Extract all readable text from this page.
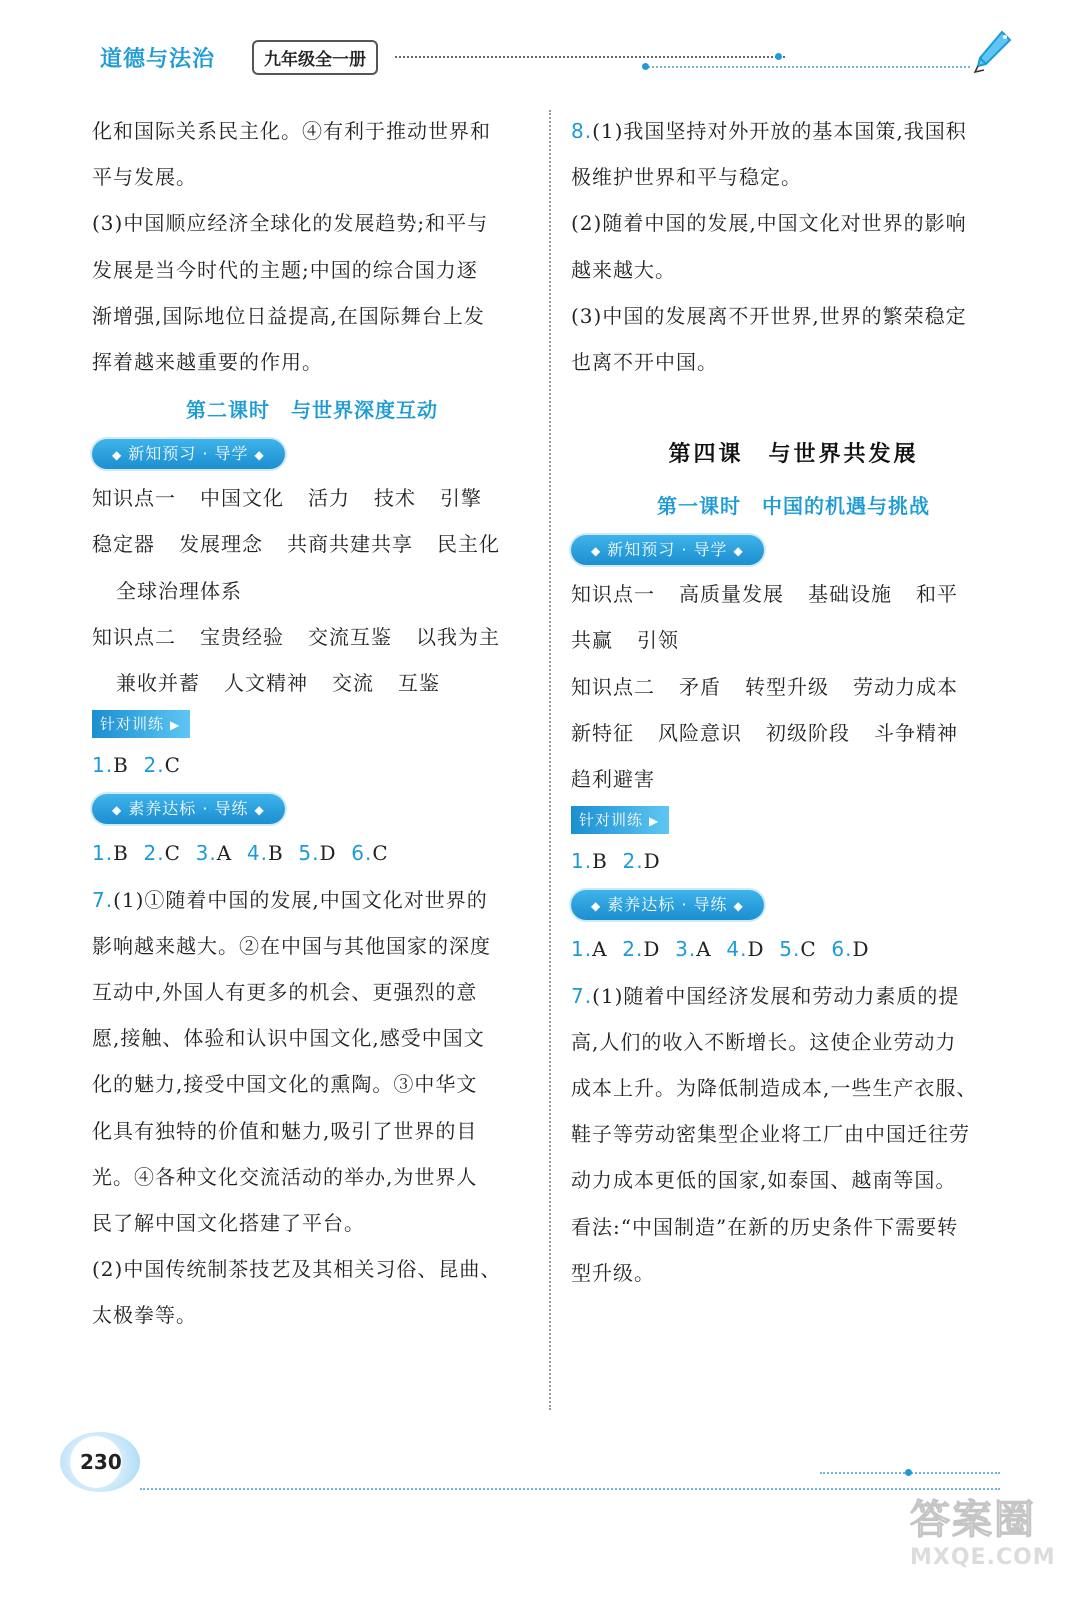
道德与法治	九年级全一册
化和国际关系民主化。④有利于推动世界和
平与发展。
(3)中国顺应经济全球化的发展趋势;和平与
发展是当今时代的主题;中国的综合国力逐
渐增强,国际地位日益提高,在国际舞台上发
挥着越来越重要的作用。
第二课时　与世界深度互动
◆ 新知预习 · 导学 ◆
知识点一 中国文化 活力 技术 引擎
稳定器 发展理念 共商共建共享 民主化
全球治理体系
知识点二 宝贵经验 交流互鉴 以我为主
兼收并蓄 人文精神 交流 互鉴
针对训练 ▶
1.B 2.C
◆ 素养达标 · 导练 ◆
1.B 2.C 3.A 4.B 5.D 6.C
7.(1)①随着中国的发展,中国文化对世界的
影响越来越大。②在中国与其他国家的深度
互动中,外国人有更多的机会、更强烈的意
愿,接触、体验和认识中国文化,感受中国文
化的魅力,接受中国文化的熏陶。③中华文
化具有独特的价值和魅力,吸引了世界的目
光。④各种文化交流活动的举办,为世界人
民了解中国文化搭建了平台。
(2)中国传统制茶技艺及其相关习俗、昆曲、
太极拳等。
8.(1)我国坚持对外开放的基本国策,我国积
极维护世界和平与稳定。
(2)随着中国的发展,中国文化对世界的影响
越来越大。
(3)中国的发展离不开世界,世界的繁荣稳定
也离不开中国。
第四课　与世界共发展
第一课时　中国的机遇与挑战
◆ 新知预习 · 导学 ◆
知识点一 高质量发展 基础设施 和平
共赢 引领
知识点二 矛盾 转型升级 劳动力成本
新特征 风险意识 初级阶段 斗争精神
趋利避害
针对训练 ▶
1.B 2.D
◆ 素养达标 · 导练 ◆
1.A 2.D 3.A 4.D 5.C 6.D
7.(1)随着中国经济发展和劳动力素质的提
高,人们的收入不断增长。这使企业劳动力
成本上升。为降低制造成本,一些生产衣服、
鞋子等劳动密集型企业将工厂由中国迁往劳
动力成本更低的国家,如泰国、越南等国。
看法:“中国制造”在新的历史条件下需要转
型升级。
230
答案圈
MXQE.COM
